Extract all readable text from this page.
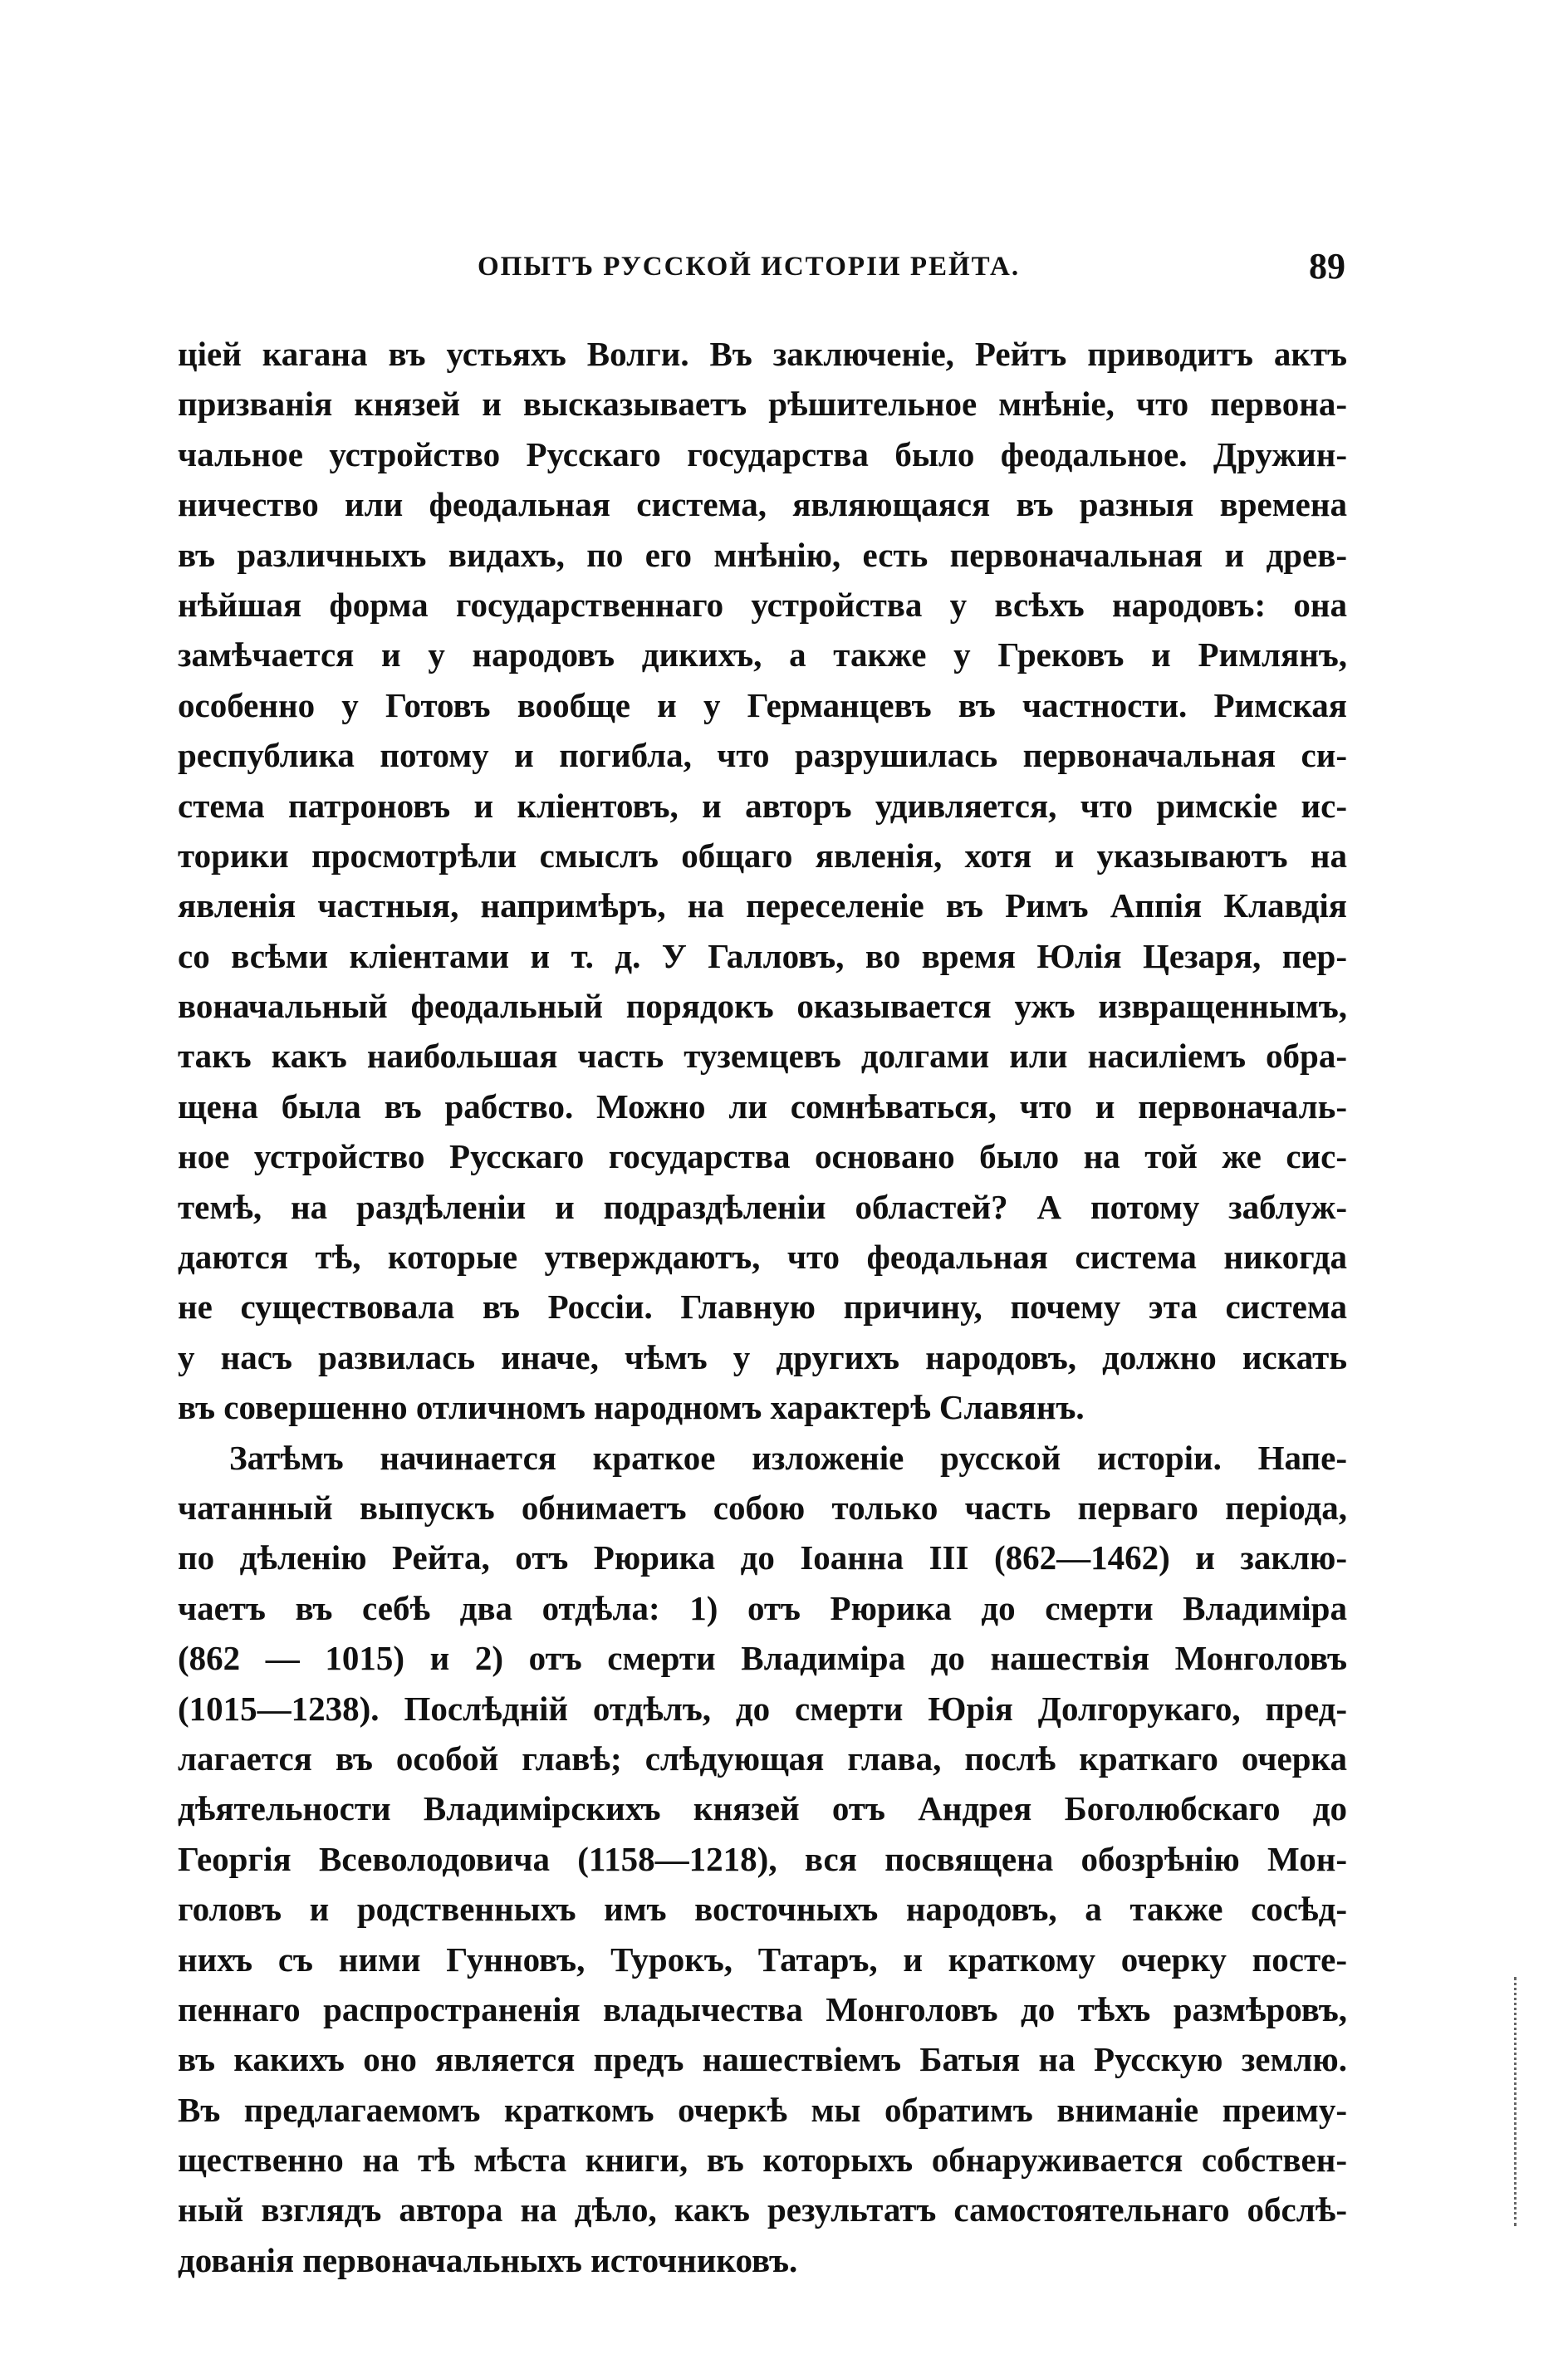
ОПЫТЪ РУССКОЙ ИСТОРІИ РЕЙТА.	89
ціей кагана въ устьяхъ Волги. Въ заключеніе, Рейтъ приводитъ актъ
призванія князей и высказываетъ рѣшительное мнѣніе, что первона-
чальное устройство Русскаго государства было феодальное. Дружин-
ничество или феодальная система, являющаяся въ разныя времена
въ различныхъ видахъ, по его мнѣнію, есть первоначальная и древ-
нѣйшая форма государственнаго устройства у всѣхъ народовъ: она
замѣчается и у народовъ дикихъ, а также у Грековъ и Римлянъ,
особенно у Готовъ вообще и у Германцевъ въ частности. Римская
республика потому и погибла, что разрушилась первоначальная си-
стема патроновъ и кліентовъ, и авторъ удивляется, что римскіе ис-
торики просмотрѣли смыслъ общаго явленія, хотя и указываютъ на
явленія частныя, напримѣръ, на переселеніе въ Римъ Аппія Клавдія
со всѣми кліентами и т. д. У Галловъ, во время Юлія Цезаря, пер-
воначальный феодальный порядокъ оказывается ужъ извращеннымъ,
такъ какъ наибольшая часть туземцевъ долгами или насиліемъ обра-
щена была въ рабство. Можно ли сомнѣваться, что и первоначаль-
ное устройство Русскаго государства основано было на той же сис-
темѣ, на раздѣленіи и подраздѣленіи областей? А потому заблуж-
даются тѣ, которые утверждаютъ, что феодальная система никогда
не существовала въ Россіи. Главную причину, почему эта система
у насъ развилась иначе, чѣмъ у другихъ народовъ, должно искать
въ совершенно отличномъ народномъ характерѣ Славянъ.
Затѣмъ начинается краткое изложеніе русской исторіи. Напе-
чатанный выпускъ обнимаетъ собою только часть перваго періода,
по дѣленію Рейта, отъ Рюрика до Іоанна III (862—1462) и заклю-
чаетъ въ себѣ два отдѣла: 1) отъ Рюрика до смерти Владиміра
(862 — 1015) и 2) отъ смерти Владиміра до нашествія Монголовъ
(1015—1238). Послѣдній отдѣлъ, до смерти Юрія Долгорукаго, пред-
лагается въ особой главѣ; слѣдующая глава, послѣ краткаго очерка
дѣятельности Владимірскихъ князей отъ Андрея Боголюбскаго до
Георгія Всеволодовича (1158—1218), вся посвящена обозрѣнію Мон-
головъ и родственныхъ имъ восточныхъ народовъ, а также сосѣд-
нихъ съ ними Гунновъ, Турокъ, Татаръ, и краткому очерку посте-
пеннаго распространенія владычества Монголовъ до тѣхъ размѣровъ,
въ какихъ оно является предъ нашествіемъ Батыя на Русскую землю.
Въ предлагаемомъ краткомъ очеркѣ мы обратимъ вниманіе преиму-
щественно на тѣ мѣста книги, въ которыхъ обнаруживается собствен-
ный взглядъ автора на дѣло, какъ результатъ самостоятельнаго обслѣ-
дованія первоначальныхъ источниковъ.
